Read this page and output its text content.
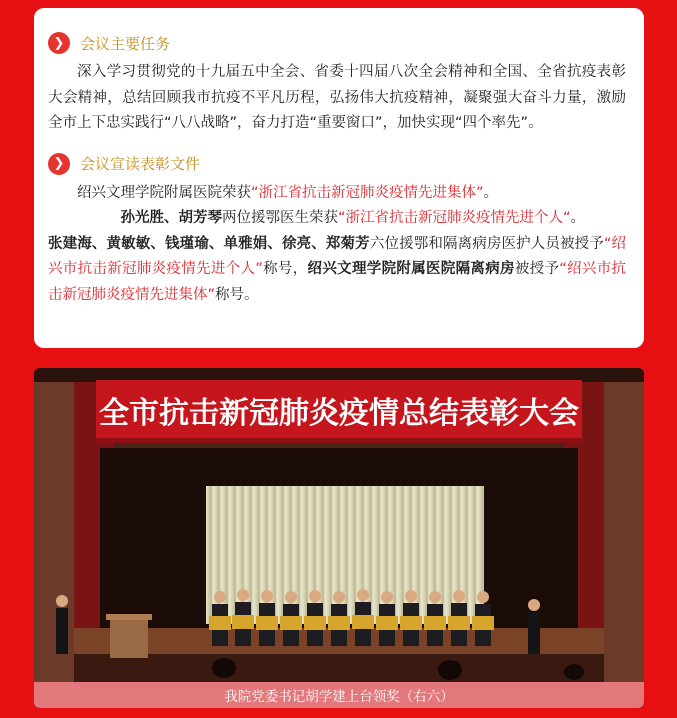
❯	会议主要任务

深入学习贯彻党的十九届五中全会、省委十四届八次全会精神和全国、全省抗疫表彰大会精神，总结回顾我市抗疫不平凡历程，弘扬伟大抗疫精神，凝聚强大奋斗力量，激励全市上下忠实践行“八八战略”，奋力打造“重要窗口”，加快实现“四个率先”。

❯	会议宣读表彰文件

绍兴文理学院附属医院荣获“浙江省抗击新冠肺炎疫情先进集体”。

孙光胜、胡芳琴两位援鄂医生荣获“浙江省抗击新冠肺炎疫情先进个人“。

张建海、黄敏敏、钱瑾瑜、单雅娟、徐亮、郑菊芳六位援鄂和隔离病房医护人员被授予“绍兴市抗击新冠肺炎疫情先进个人”称号，绍兴文理学院附属医院隔离病房被授予“绍兴市抗击新冠肺炎疫情先进集体”称号。

全市抗击新冠肺炎疫情总结表彰大会
我院党委书记胡学建上台领奖（右六）
